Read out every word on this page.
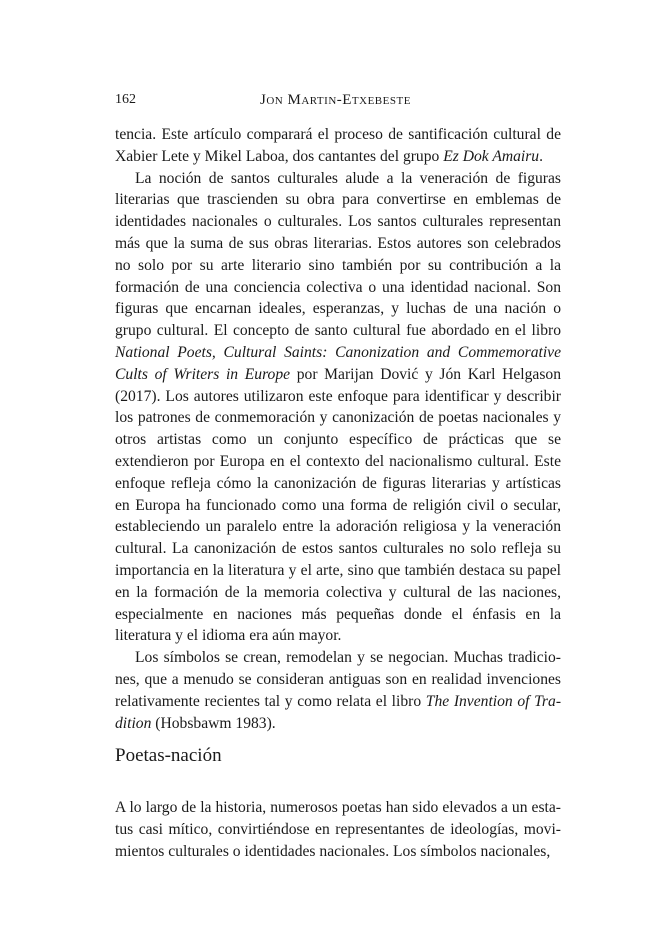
162	Jon Martin-Etxebeste

tencia. Este artículo comparará el proceso de santificación cultural de Xabier Lete y Mikel Laboa, dos cantantes del grupo Ez Dok Amairu.

La noción de santos culturales alude a la veneración de figuras literarias que trascienden su obra para convertirse en emblemas de identidades nacionales o culturales. Los santos culturales representan más que la suma de sus obras literarias. Estos autores son celebrados no solo por su arte literario sino también por su contribución a la formación de una conciencia colectiva o una identidad nacional. Son figuras que encarnan ideales, esperanzas, y luchas de una nación o grupo cultural. El concepto de santo cultural fue abordado en el libro National Poets, Cultural Saints: Canonization and Commemorative Cults of Writers in Europe por Marijan Dović y Jón Karl Helgason (2017). Los autores utilizaron este enfoque para identificar y describir los patrones de conmemoración y canonización de poetas nacionales y otros artistas como un conjunto específico de prácticas que se extendieron por Europa en el contexto del nacionalismo cultural. Este enfoque refleja cómo la canonización de figuras literarias y artísticas en Europa ha funcionado como una forma de religión civil o secular, estableciendo un paralelo entre la adoración religiosa y la veneración cultural. La canonización de estos santos culturales no solo refleja su importancia en la literatura y el arte, sino que también destaca su papel en la formación de la memoria colectiva y cultural de las naciones, especialmente en naciones más pequeñas donde el énfasis en la literatura y el idioma era aún mayor.

Los símbolos se crean, remodelan y se negocian. Muchas tradiciones, que a menudo se consideran antiguas son en realidad invenciones relativamente recientes tal y como relata el libro The Invention of Tradition (Hobsbawm 1983).

Poetas-nación

A lo largo de la historia, numerosos poetas han sido elevados a un estatus casi mítico, convirtiéndose en representantes de ideologías, movimientos culturales o identidades nacionales. Los símbolos nacionales,
